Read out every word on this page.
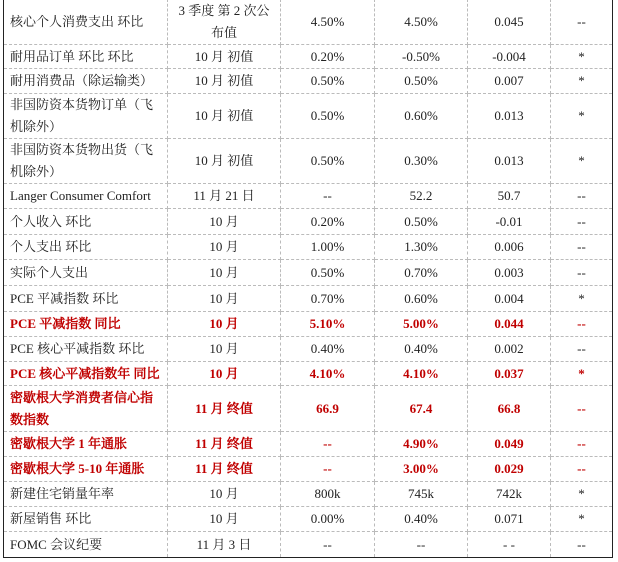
核心个人消费支出 环比	3 季度 第 2 次公布值	4.50%	4.50%	0.045	--
耐用品订单 环比 环比	10 月 初值	0.20%	-0.50%	-0.004	*
耐用消费品（除运输类）	10 月 初值	0.50%	0.50%	0.007	*
非国防资本货物订单（飞机除外）	10 月 初值	0.50%	0.60%	0.013	*
非国防资本货物出货（飞机除外）	10 月 初值	0.50%	0.30%	0.013	*
Langer Consumer Comfort	11 月 21 日	--	52.2	50.7	--
个人收入 环比	10 月	0.20%	0.50%	-0.01	--
个人支出 环比	10 月	1.00%	1.30%	0.006	--
实际个人支出	10 月	0.50%	0.70%	0.003	--
PCE 平减指数 环比	10 月	0.70%	0.60%	0.004	*
PCE 平减指数 同比	10 月	5.10%	5.00%	0.044	--
PCE 核心平减指数 环比	10 月	0.40%	0.40%	0.002	--
PCE 核心平减指数年 同比	10 月	4.10%	4.10%	0.037	*
密歇根大学消费者信心指数指数	11 月 终值	66.9	67.4	66.8	--
密歇根大学 1 年通胀	11 月 终值	--	4.90%	0.049	--
密歇根大学 5-10 年通胀	11 月 终值	--	3.00%	0.029	--
新建住宅销量年率	10 月	800k	745k	742k	*
新屋销售 环比	10 月	0.00%	0.40%	0.071	*
FOMC 会议纪要	11 月 3 日	--	--	- -	--
